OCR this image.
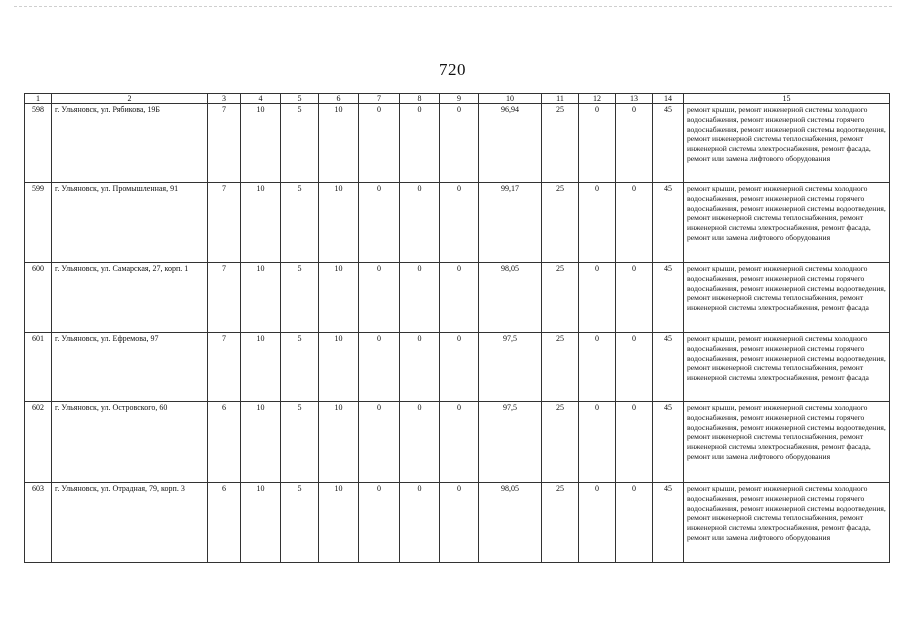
720
1	2	3	4	5	6	7	8	9	10	11	12	13	14	15
598	г. Ульяновск, ул. Рябикова, 19Б	7	10	5	10	0	0	0	96,94	25	0	0	45	ремонт крыши, ремонт инженерной системы холодного водоснабжения, ремонт инженерной системы горячего водоснабжения, ремонт инженерной системы водоотведения, ремонт инженерной системы теплоснабжения, ремонт инженерной системы электроснабжения, ремонт фасада, ремонт или замена лифтового оборудования
599	г. Ульяновск, ул. Промышленная, 91	7	10	5	10	0	0	0	99,17	25	0	0	45	ремонт крыши, ремонт инженерной системы холодного водоснабжения, ремонт инженерной системы горячего водоснабжения, ремонт инженерной системы водоотведения, ремонт инженерной системы теплоснабжения, ремонт инженерной системы электроснабжения, ремонт фасада, ремонт или замена лифтового оборудования
600	г. Ульяновск, ул. Самарская, 27, корп. 1	7	10	5	10	0	0	0	98,05	25	0	0	45	ремонт крыши, ремонт инженерной системы холодного водоснабжения, ремонт инженерной системы горячего водоснабжения, ремонт инженерной системы водоотведения, ремонт инженерной системы теплоснабжения, ремонт инженерной системы электроснабжения, ремонт фасада
601	г. Ульяновск, ул. Ефремова, 97	7	10	5	10	0	0	0	97,5	25	0	0	45	ремонт крыши, ремонт инженерной системы холодного водоснабжения, ремонт инженерной системы горячего водоснабжения, ремонт инженерной системы водоотведения, ремонт инженерной системы теплоснабжения, ремонт инженерной системы электроснабжения, ремонт фасада
602	г. Ульяновск, ул. Островского, 60	6	10	5	10	0	0	0	97,5	25	0	0	45	ремонт крыши, ремонт инженерной системы холодного водоснабжения, ремонт инженерной системы горячего водоснабжения, ремонт инженерной системы водоотведения, ремонт инженерной системы теплоснабжения, ремонт инженерной системы электроснабжения, ремонт фасада, ремонт или замена лифтового оборудования
603	г. Ульяновск, ул. Отрадная, 79, корп. 3	6	10	5	10	0	0	0	98,05	25	0	0	45	ремонт крыши, ремонт инженерной системы холодного водоснабжения, ремонт инженерной системы горячего водоснабжения, ремонт инженерной системы водоотведения, ремонт инженерной системы теплоснабжения, ремонт инженерной системы электроснабжения, ремонт фасада, ремонт или замена лифтового оборудования
